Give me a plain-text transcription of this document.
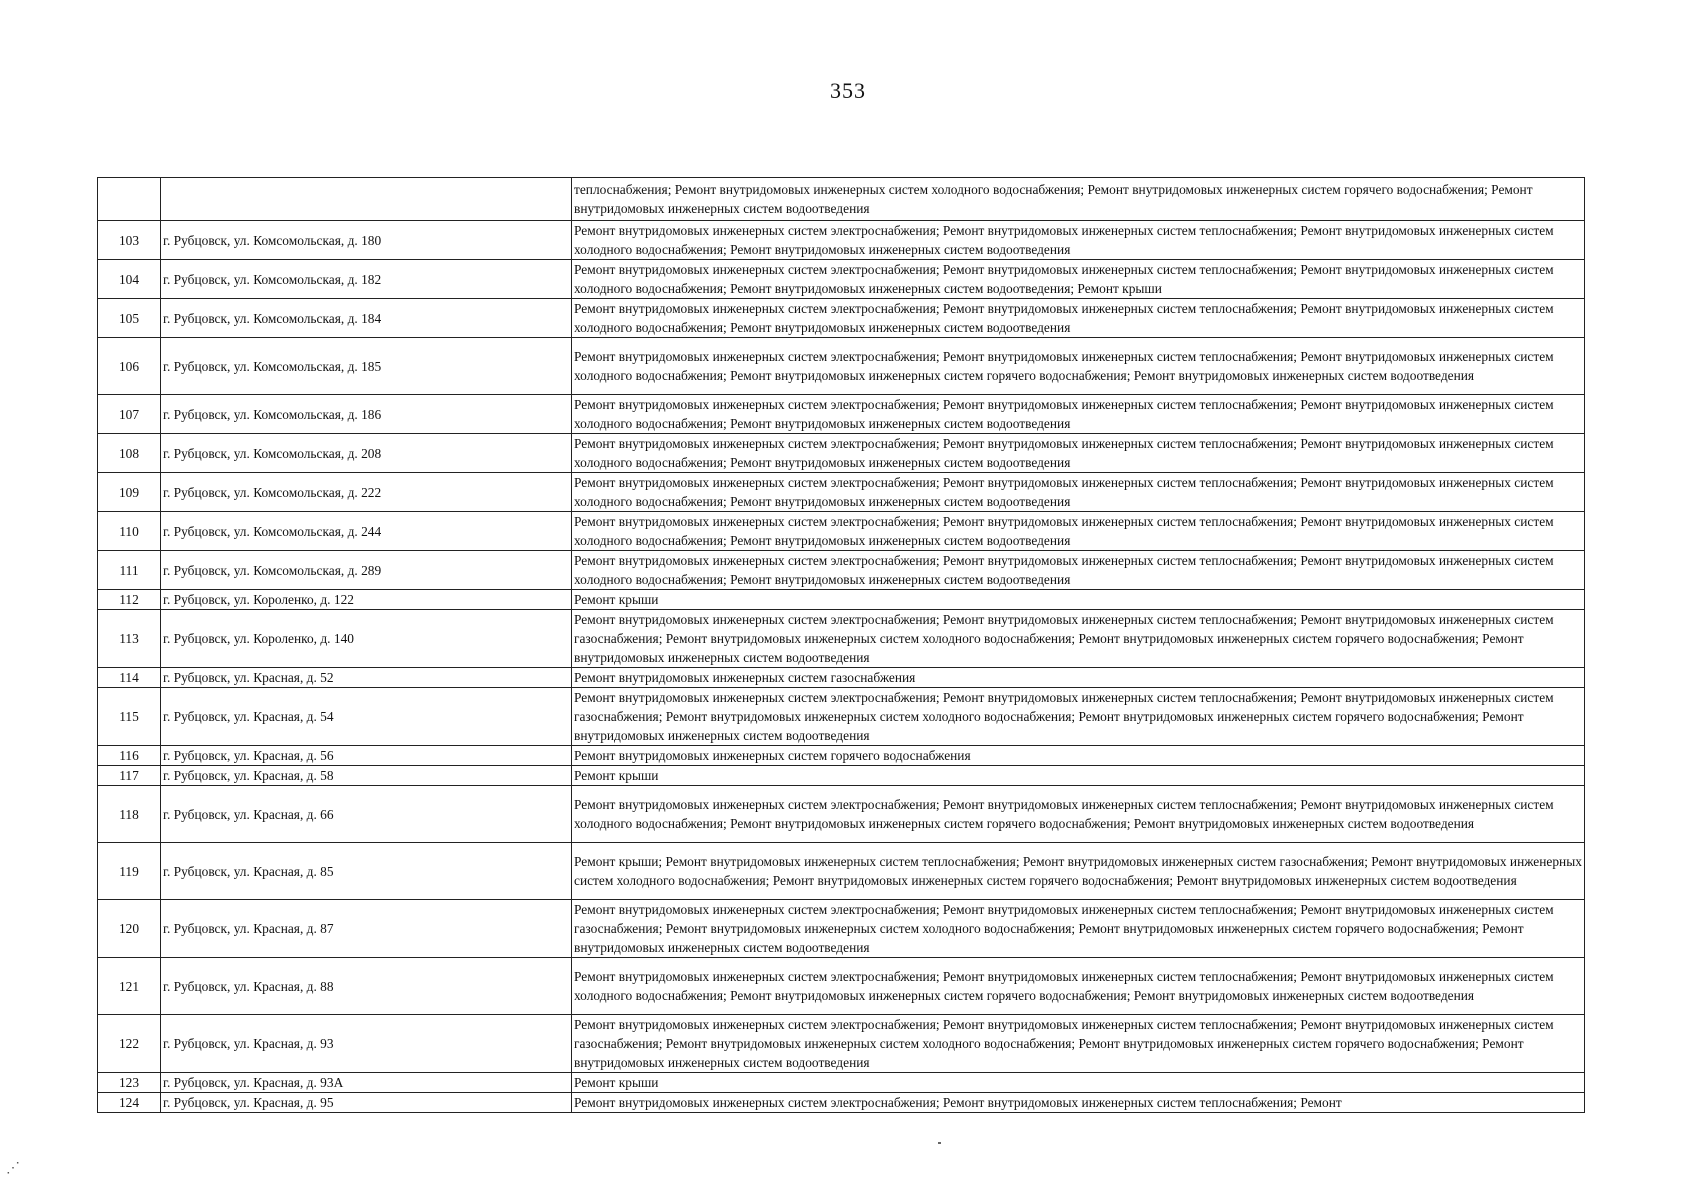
353
		теплоснабжения; Ремонт внутридомовых инженерных систем холодного водоснабжения; Ремонт внутридомовых инженерных систем горячего водоснабжения; Ремонт внутридомовых инженерных систем водоотведения
103	г. Рубцовск, ул. Комсомольская, д. 180	Ремонт внутридомовых инженерных систем электроснабжения; Ремонт внутридомовых инженерных систем теплоснабжения; Ремонт внутридомовых инженерных систем холодного водоснабжения; Ремонт внутридомовых инженерных систем водоотведения
104	г. Рубцовск, ул. Комсомольская, д. 182	Ремонт внутридомовых инженерных систем электроснабжения; Ремонт внутридомовых инженерных систем теплоснабжения; Ремонт внутридомовых инженерных систем холодного водоснабжения; Ремонт внутридомовых инженерных систем водоотведения; Ремонт крыши
105	г. Рубцовск, ул. Комсомольская, д. 184	Ремонт внутридомовых инженерных систем электроснабжения; Ремонт внутридомовых инженерных систем теплоснабжения; Ремонт внутридомовых инженерных систем холодного водоснабжения; Ремонт внутридомовых инженерных систем водоотведения
106	г. Рубцовск, ул. Комсомольская, д. 185	Ремонт внутридомовых инженерных систем электроснабжения; Ремонт внутридомовых инженерных систем теплоснабжения; Ремонт внутридомовых инженерных систем холодного водоснабжения; Ремонт внутридомовых инженерных систем горячего водоснабжения; Ремонт внутридомовых инженерных систем водоотведения
107	г. Рубцовск, ул. Комсомольская, д. 186	Ремонт внутридомовых инженерных систем электроснабжения; Ремонт внутридомовых инженерных систем теплоснабжения; Ремонт внутридомовых инженерных систем холодного водоснабжения; Ремонт внутридомовых инженерных систем водоотведения
108	г. Рубцовск, ул. Комсомольская, д. 208	Ремонт внутридомовых инженерных систем электроснабжения; Ремонт внутридомовых инженерных систем теплоснабжения; Ремонт внутридомовых инженерных систем холодного водоснабжения; Ремонт внутридомовых инженерных систем водоотведения
109	г. Рубцовск, ул. Комсомольская, д. 222	Ремонт внутридомовых инженерных систем электроснабжения; Ремонт внутридомовых инженерных систем теплоснабжения; Ремонт внутридомовых инженерных систем холодного водоснабжения; Ремонт внутридомовых инженерных систем водоотведения
110	г. Рубцовск, ул. Комсомольская, д. 244	Ремонт внутридомовых инженерных систем электроснабжения; Ремонт внутридомовых инженерных систем теплоснабжения; Ремонт внутридомовых инженерных систем холодного водоснабжения; Ремонт внутридомовых инженерных систем водоотведения
111	г. Рубцовск, ул. Комсомольская, д. 289	Ремонт внутридомовых инженерных систем электроснабжения; Ремонт внутридомовых инженерных систем теплоснабжения; Ремонт внутридомовых инженерных систем холодного водоснабжения; Ремонт внутридомовых инженерных систем водоотведения
112	г. Рубцовск, ул. Короленко, д. 122	Ремонт крыши
113	г. Рубцовск, ул. Короленко, д. 140	Ремонт внутридомовых инженерных систем электроснабжения; Ремонт внутридомовых инженерных систем теплоснабжения; Ремонт внутридомовых инженерных систем газоснабжения; Ремонт внутридомовых инженерных систем холодного водоснабжения; Ремонт внутридомовых инженерных систем горячего водоснабжения; Ремонт внутридомовых инженерных систем водоотведения
114	г. Рубцовск, ул. Красная, д. 52	Ремонт внутридомовых инженерных систем газоснабжения
115	г. Рубцовск, ул. Красная, д. 54	Ремонт внутридомовых инженерных систем электроснабжения; Ремонт внутридомовых инженерных систем теплоснабжения; Ремонт внутридомовых инженерных систем газоснабжения; Ремонт внутридомовых инженерных систем холодного водоснабжения; Ремонт внутридомовых инженерных систем горячего водоснабжения; Ремонт внутридомовых инженерных систем водоотведения
116	г. Рубцовск, ул. Красная, д. 56	Ремонт внутридомовых инженерных систем горячего водоснабжения
117	г. Рубцовск, ул. Красная, д. 58	Ремонт крыши
118	г. Рубцовск, ул. Красная, д. 66	Ремонт внутридомовых инженерных систем электроснабжения; Ремонт внутридомовых инженерных систем теплоснабжения; Ремонт внутридомовых инженерных систем холодного водоснабжения; Ремонт внутридомовых инженерных систем горячего водоснабжения; Ремонт внутридомовых инженерных систем водоотведения
119	г. Рубцовск, ул. Красная, д. 85	Ремонт крыши; Ремонт внутридомовых инженерных систем теплоснабжения; Ремонт внутридомовых инженерных систем газоснабжения; Ремонт внутридомовых инженерных систем холодного водоснабжения; Ремонт внутридомовых инженерных систем горячего водоснабжения; Ремонт внутридомовых инженерных систем водоотведения
120	г. Рубцовск, ул. Красная, д. 87	Ремонт внутридомовых инженерных систем электроснабжения; Ремонт внутридомовых инженерных систем теплоснабжения; Ремонт внутридомовых инженерных систем газоснабжения; Ремонт внутридомовых инженерных систем холодного водоснабжения; Ремонт внутридомовых инженерных систем горячего водоснабжения; Ремонт внутридомовых инженерных систем водоотведения
121	г. Рубцовск, ул. Красная, д. 88	Ремонт внутридомовых инженерных систем электроснабжения; Ремонт внутридомовых инженерных систем теплоснабжения; Ремонт внутридомовых инженерных систем холодного водоснабжения; Ремонт внутридомовых инженерных систем горячего водоснабжения; Ремонт внутридомовых инженерных систем водоотведения
122	г. Рубцовск, ул. Красная, д. 93	Ремонт внутридомовых инженерных систем электроснабжения; Ремонт внутридомовых инженерных систем теплоснабжения; Ремонт внутридомовых инженерных систем газоснабжения; Ремонт внутридомовых инженерных систем холодного водоснабжения; Ремонт внутридомовых инженерных систем горячего водоснабжения; Ремонт внутридомовых инженерных систем водоотведения
123	г. Рубцовск, ул. Красная, д. 93А	Ремонт крыши
124	г. Рубцовск, ул. Красная, д. 95	Ремонт внутридомовых инженерных систем электроснабжения; Ремонт внутридомовых инженерных систем теплоснабжения; Ремонт
⋰
